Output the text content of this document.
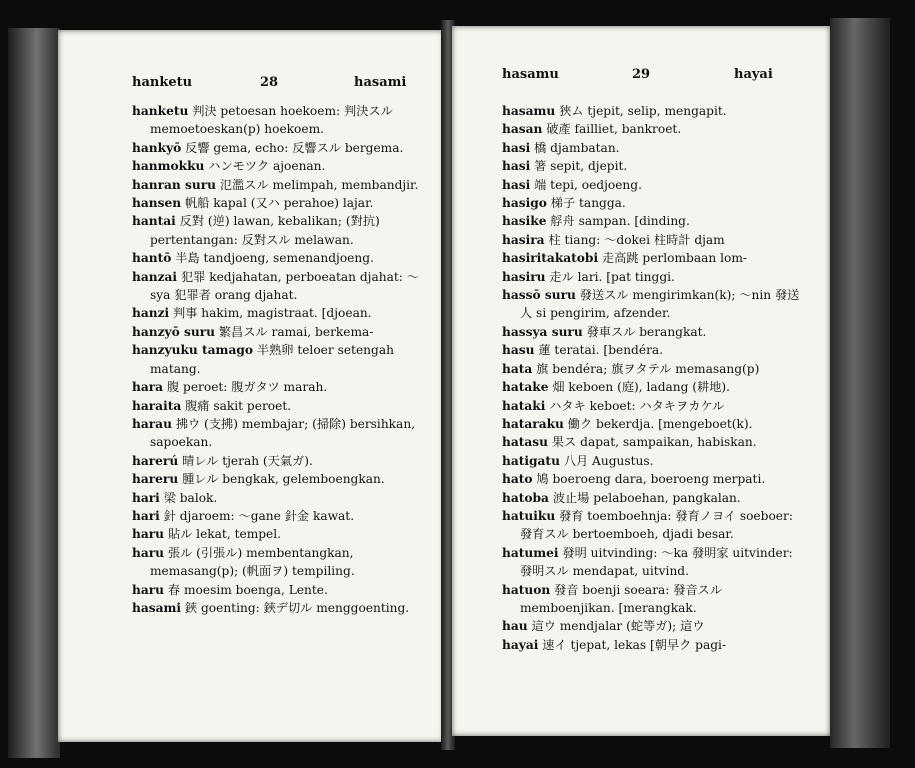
hanketu	28	hasami
hanketu 判決 petoesan hoekoem: 判決スル memoetoeskan(p) hoekoem.
hankyō 反響 gema, echo: 反響スル bergema.
hanmokku ハンモツク ajoenan.
hanran suru 氾濫スル melimpah, membandjir.
hansen 帆船 kapal (又ハ perahoe) lajar.
hantai 反對 (逆) lawan, kebalikan; (對抗) pertentangan: 反對スル melawan.
hantō 半島 tandjoeng, semenandjoeng.
hanzai 犯罪 kedjahatan, perboeatan djahat: ～sya 犯罪者 orang djahat.
hanzi 判事 hakim, magistraat. [djoean.
hanzyō suru 繁昌スル ramai, berkema-
hanzyuku tamago 半熟卵 teloer setengah matang.
hara 腹 peroet: 腹ガタツ marah.
haraita 腹痛 sakit peroet.
harau 拂ウ (支拂) membajar; (掃除) bersihkan, sapoekan.
harerú 晴レル tjerah (天氣ガ).
hareru 腫レル bengkak, gelemboengkan.
hari 梁 balok.
hari 針 djaroem: ～gane 針金 kawat.
haru 貼ル lekat, tempel.
haru 張ル (引張ル) membentangkan, memasang(p); (帆面ヲ) tempiling.
haru 春 moesim boenga, Lente.
hasami 鋏 goenting: 鋏デ切ル menggoenting.
hasamu	29	hayai
hasamu 狹ム tjepit, selip, mengapit.
hasan 破產 failliet, bankroet.
hasi 橋 djambatan.
hasi 箸 sepit, djepit.
hasi 端 tepi, oedjoeng.
hasigo 梯子 tangga.
hasike 艀舟 sampan. [dinding.
hasira 柱 tiang: ～dokei 柱時計 djam
hasiritakatobi 走高跳 perlombaan lom-
hasiru 走ル lari. [pat tinggi.
hassō suru 發送スル mengirimkan(k); ～nin 發送人 si pengirim, afzender.
hassya suru 發車スル berangkat.
hasu 蓮 teratai. [bendéra.
hata 旗 bendéra; 旗ヲタテル memasang(p)
hatake 畑 keboen (庭), ladang (耕地).
hataki ハタキ keboet: ハタキヲカケル
hataraku 働ク bekerdja. [mengeboet(k).
hatasu 果ス dapat, sampaikan, habiskan.
hatigatu 八月 Augustus.
hato 鳩 boeroeng dara, boeroeng merpati.
hatoba 波止場 pelaboehan, pangkalan.
hatuiku 發育 toemboehnja: 發育ノヨイ soeboer: 發育スル bertoemboeh, djadi besar.
hatumei 發明 uitvinding: ～ka 發明家 uitvinder: 發明スル mendapat, uitvind.
hatuon 發音 boenji soeara: 發音スル memboenjikan. [merangkak.
hau 這ウ mendjalar (蛇等ガ); 這ウ
hayai 速イ tjepat, lekas [朝早ク pagi-
